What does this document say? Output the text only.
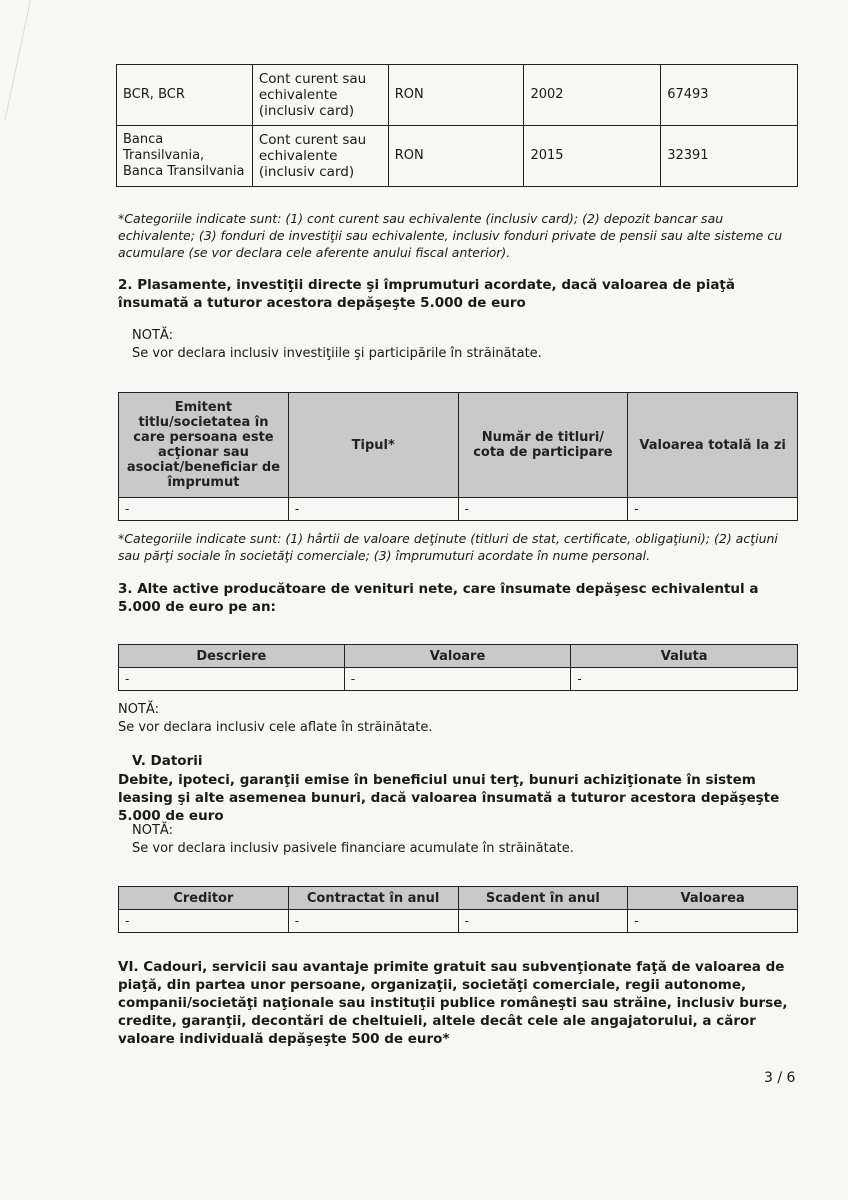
BCR, BCR	Cont curent sau echivalente (inclusiv card)	RON	2002	67493
Banca Transilvania, Banca Transilvania	Cont curent sau echivalente (inclusiv card)	RON	2015	32391
*Categoriile indicate sunt: (1) cont curent sau echivalente (inclusiv card); (2) depozit bancar sau echivalente; (3) fonduri de investiţii sau echivalente, inclusiv fonduri private de pensii sau alte sisteme cu acumulare (se vor declara cele aferente anului fiscal anterior).
2. Plasamente, investiţii directe şi împrumuturi acordate, dacă valoarea de piaţă însumată a tuturor acestora depăşeşte 5.000 de euro
NOTĂ:
Se vor declara inclusiv investiţiile şi participările în străinătate.
Emitent titlu/societatea în care persoana este acţionar sau asociat/beneficiar de împrumut	Tipul*	Număr de titluri/ cota de participare	Valoarea totală la zi
-	-	-	-
*Categoriile indicate sunt: (1) hârtii de valoare deţinute (titluri de stat, certificate, obligaţiuni); (2) acţiuni sau părţi sociale în societăţi comerciale; (3) împrumuturi acordate în nume personal.
3. Alte active producătoare de venituri nete, care însumate depăşesc echivalentul a 5.000 de euro pe an:
Descriere	Valoare	Valuta
-	-	-
NOTĂ:
Se vor declara inclusiv cele aflate în străinătate.
V. Datorii
Debite, ipoteci, garanţii emise în beneficiul unui terţ, bunuri achiziţionate în sistem leasing şi alte asemenea bunuri, dacă valoarea însumată a tuturor acestora depăşeşte 5.000 de euro
NOTĂ:
Se vor declara inclusiv pasivele financiare acumulate în străinătate.
Creditor	Contractat în anul	Scadent în anul	Valoarea
-	-	-	-
VI. Cadouri, servicii sau avantaje primite gratuit sau subvenţionate faţă de valoarea de piaţă, din partea unor persoane, organizaţii, societăţi comerciale, regii autonome, companii/societăţi naţionale sau instituţii publice româneşti sau străine, inclusiv burse, credite, garanţii, decontări de cheltuieli, altele decât cele ale angajatorului, a căror valoare individuală depăşeşte 500 de euro*
3 / 6
